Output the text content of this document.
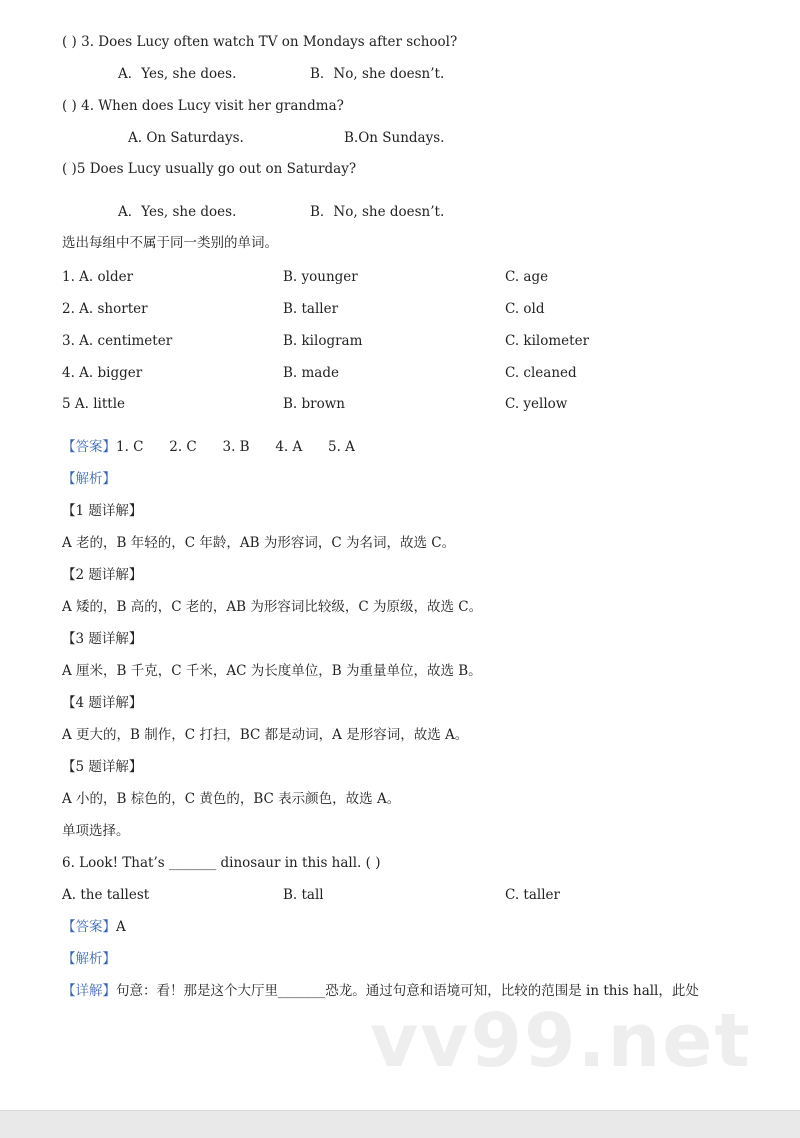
( ) 3. Does Lucy often watch TV on Mondays after school?
A．Yes, she does.	B．No, she doesn’t.
( ) 4. When does Lucy visit her grandma?
A. On Saturdays.	B.On Sundays.
( )5 Does Lucy usually go out on Saturday?
A．Yes, she does.	B．No, she doesn’t.
选出每组中不属于同一类别的单词。
1. A. older	B. younger	C. age
2. A. shorter	B. taller	C. old
3. A. centimeter	B. kilogram	C. kilometer
4. A. bigger	B. made	C. cleaned
5 A. little	B. brown	C. yellow
【答案】1. C      2. C      3. B      4. A      5. A
【解析】
【1 题详解】
A 老的，B 年轻的，C 年龄，AB 为形容词，C 为名词，故选 C。
【2 题详解】
A 矮的，B 高的，C 老的，AB 为形容词比较级，C 为原级，故选 C。
【3 题详解】
A 厘米，B 千克，C 千米，AC 为长度单位，B 为重量单位，故选 B。
【4 题详解】
A 更大的，B 制作，C 打扫，BC 都是动词，A 是形容词，故选 A。
【5 题详解】
A 小的，B 棕色的，C 黄色的，BC 表示颜色，故选 A。
单项选择。
6. Look! That’s _______ dinosaur in this hall. ( )
A. the tallest	B. tall	C. taller
【答案】A
【解析】
【详解】句意：看！那是这个大厅里_______恐龙。通过句意和语境可知，比较的范围是 in this hall，此处
vv99.net
